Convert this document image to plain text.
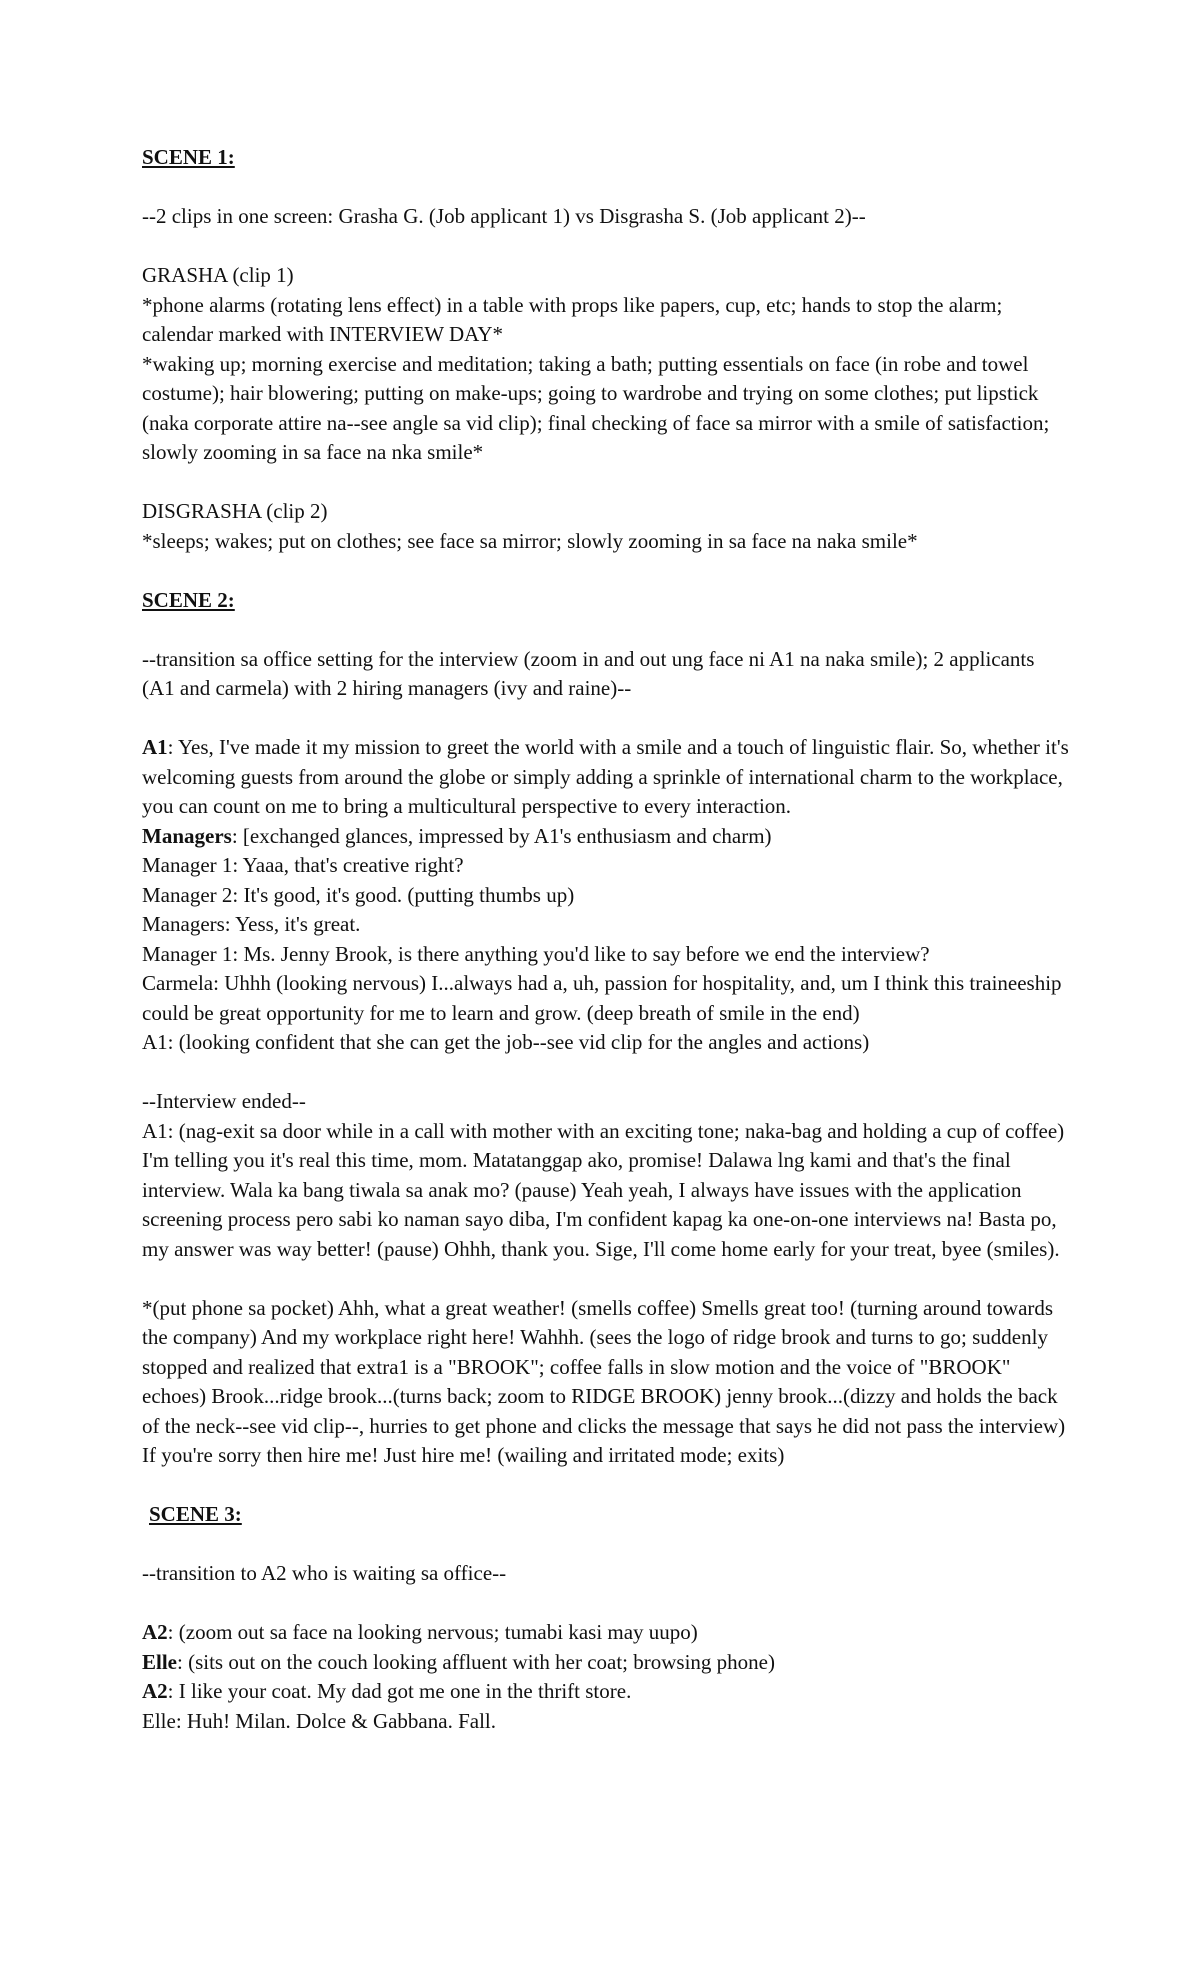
SCENE 1:

--2 clips in one screen: Grasha G. (Job applicant 1) vs Disgrasha S. (Job applicant 2)--

GRASHA (clip 1)

*phone alarms (rotating lens effect) in a table with props like papers, cup, etc; hands to stop the alarm; calendar marked with INTERVIEW DAY*

*waking up; morning exercise and meditation; taking a bath; putting essentials on face (in robe and towel costume); hair blowering; putting on make-ups; going to wardrobe and trying on some clothes; put lipstick (naka corporate attire na--see angle sa vid clip); final checking of face sa mirror with a smile of satisfaction; slowly zooming in sa face na nka smile*

DISGRASHA (clip 2)

*sleeps; wakes; put on clothes; see face sa mirror; slowly zooming in sa face na naka smile*

SCENE 2:

--transition sa office setting for the interview (zoom in and out ung face ni A1 na naka smile); 2 applicants (A1 and carmela) with 2 hiring managers (ivy and raine)--

A1: Yes, I've made it my mission to greet the world with a smile and a touch of linguistic flair. So, whether it's welcoming guests from around the globe or simply adding a sprinkle of international charm to the workplace, you can count on me to bring a multicultural perspective to every interaction.

Managers: [exchanged glances, impressed by A1's enthusiasm and charm)

Manager 1: Yaaa, that's creative right?

Manager 2: It's good, it's good. (putting thumbs up)

Managers: Yess, it's great.

Manager 1: Ms. Jenny Brook, is there anything you'd like to say before we end the interview?

Carmela: Uhhh (looking nervous) I...always had a, uh, passion for hospitality, and, um I think this traineeship could be great opportunity for me to learn and grow. (deep breath of smile in the end)

A1: (looking confident that she can get the job--see vid clip for the angles and actions)

--Interview ended--

A1: (nag-exit sa door while in a call with mother with an exciting tone; naka-bag and holding a cup of coffee) I'm telling you it's real this time, mom. Matatanggap ako, promise! Dalawa lng kami and that's the final interview. Wala ka bang tiwala sa anak mo? (pause) Yeah yeah, I always have issues with the application screening process pero sabi ko naman sayo diba, I'm confident kapag ka one-on-one interviews na! Basta po, my answer was way better! (pause) Ohhh, thank you. Sige, I'll come home early for your treat, byee (smiles).

*(put phone sa pocket) Ahh, what a great weather! (smells coffee) Smells great too! (turning around towards the company) And my workplace right here! Wahhh. (sees the logo of ridge brook and turns to go; suddenly stopped and realized that extra1 is a "BROOK"; coffee falls in slow motion and the voice of "BROOK" echoes) Brook...ridge brook...(turns back; zoom to RIDGE BROOK) jenny brook...(dizzy and holds the back of the neck--see vid clip--, hurries to get phone and clicks the message that says he did not pass the interview) If you're sorry then hire me! Just hire me! (wailing and irritated mode; exits)

SCENE 3:

--transition to A2 who is waiting sa office--

A2: (zoom out sa face na looking nervous; tumabi kasi may uupo)

Elle: (sits out on the couch looking affluent with her coat; browsing phone)

A2: I like your coat. My dad got me one in the thrift store.

Elle: Huh! Milan. Dolce & Gabbana. Fall.
